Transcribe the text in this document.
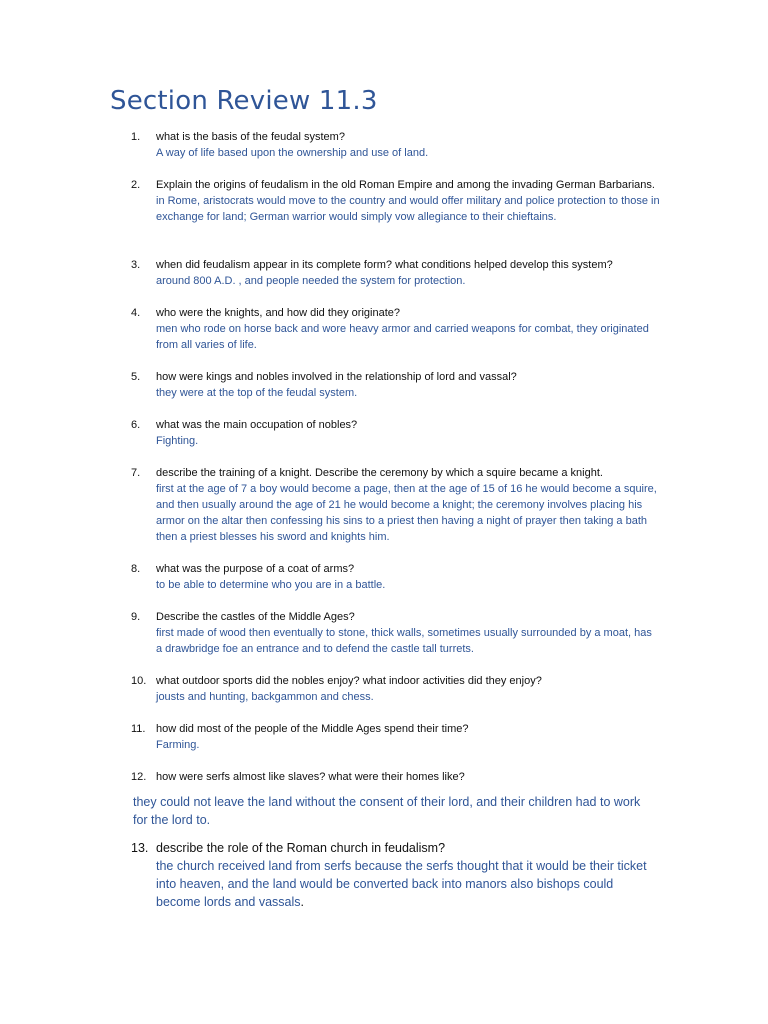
Section Review 11.3
1.	what is the basis of the feudal system?
A way of life based upon the ownership and use of land.
2.	Explain the origins of feudalism in the old Roman Empire and among the invading German Barbarians.
in Rome, aristocrats would move to the country and would offer military and police protection to those in exchange for land; German warrior would simply vow allegiance to their chieftains.
3.	when did feudalism appear in its complete form? what conditions helped develop this system?
around 800 A.D. , and people needed the system for protection.
4.	who were the knights, and how did they originate?
men who rode on horse back and wore heavy armor and carried weapons for combat, they originated from all varies of life.
5.	how were kings and nobles involved in the relationship of lord and vassal?
they were at the top of the feudal system.
6.	what was the main occupation of nobles?
Fighting.
7.	describe the training of a knight. Describe the ceremony by which a squire became a knight.
first at the age of 7 a boy would become a page, then at the age of 15 of 16 he would become a squire, and then usually around the age of 21 he would become a knight; the ceremony involves placing his armor on the altar then confessing his sins to a priest then having a night of prayer then taking a bath then a priest blesses his sword and knights him.
8.	what was the purpose of a coat of arms?
to be able to determine who you are in a battle.
9.	Describe the castles of the Middle Ages?
first made of wood then eventually to stone, thick walls, sometimes usually surrounded by a moat, has a drawbridge foe an entrance and to defend the castle tall turrets.
10. what outdoor sports did the nobles enjoy? what indoor activities did they enjoy?
jousts and hunting, backgammon and chess.
11. how did most of the people of the Middle Ages spend their time?
Farming.
12. how were serfs almost like slaves? what were their homes like?
13. describe the role of the Roman church in feudalism?
the church received land from serfs because the serfs thought that it would be their ticket into heaven, and the land would be converted back into manors also bishops could become lords and vassals.
they could not leave the land without the consent of their lord, and their children had to work for the lord to.
